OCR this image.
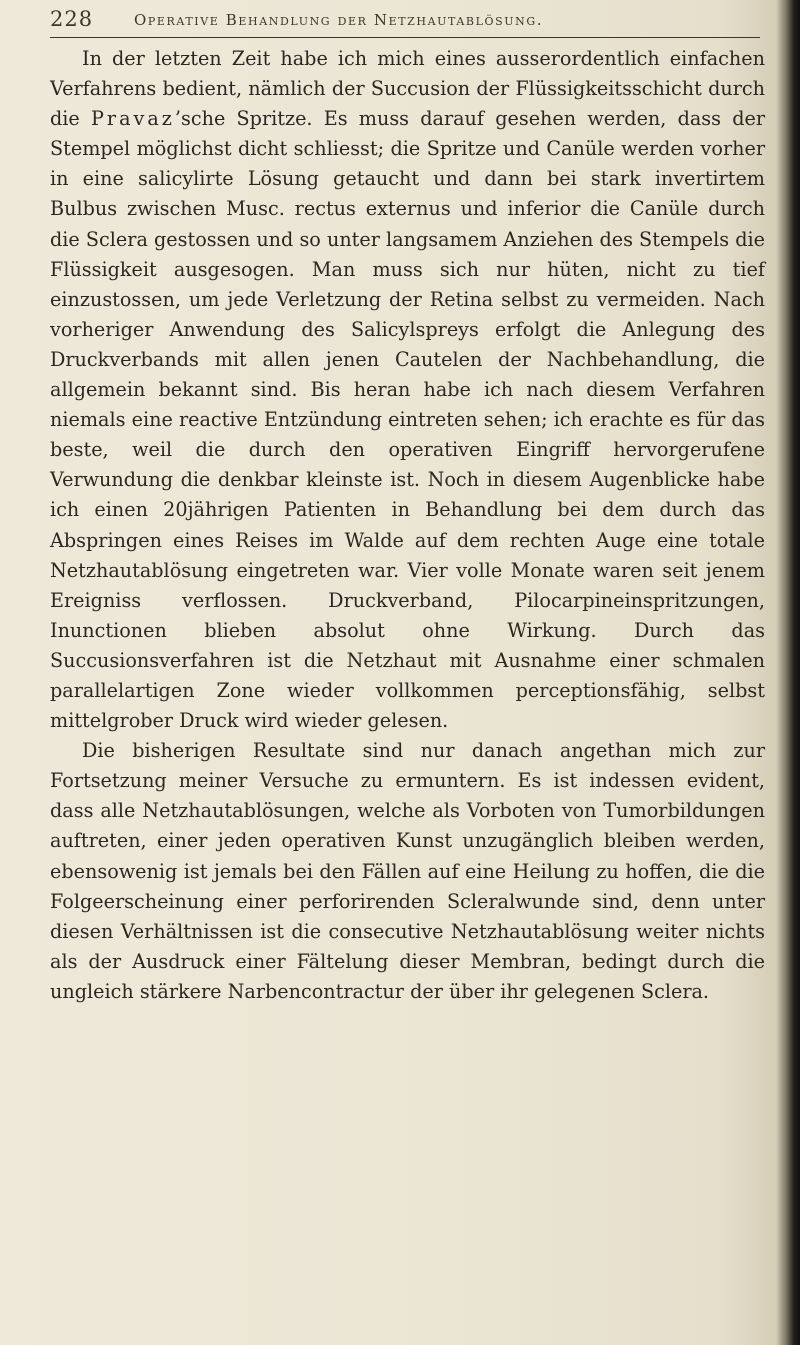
228	Operative Behandlung der Netzhautablösung.

In der letzten Zeit habe ich mich eines ausserordentlich einfachen Verfahrens bedient, nämlich der Succusion der Flüssigkeitsschicht durch die Pravaz’sche Spritze. Es muss darauf gesehen werden, dass der Stempel möglichst dicht schliesst; die Spritze und Canüle werden vorher in eine salicylirte Lösung getaucht und dann bei stark invertirtem Bulbus zwischen Musc. rectus externus und inferior die Canüle durch die Sclera gestossen und so unter langsamem Anziehen des Stempels die Flüssigkeit ausgesogen. Man muss sich nur hüten, nicht zu tief einzustossen, um jede Verletzung der Retina selbst zu vermeiden. Nach vorheriger Anwendung des Salicylspreys erfolgt die Anlegung des Druckverbands mit allen jenen Cautelen der Nachbehandlung, die allgemein bekannt sind. Bis heran habe ich nach diesem Verfahren niemals eine reactive Entzündung eintreten sehen; ich erachte es für das beste, weil die durch den operativen Eingriff hervorgerufene Verwundung die denkbar kleinste ist. Noch in diesem Augenblicke habe ich einen 20jährigen Patienten in Behandlung bei dem durch das Abspringen eines Reises im Walde auf dem rechten Auge eine totale Netzhautablösung eingetreten war. Vier volle Monate waren seit jenem Ereigniss verflossen. Druckverband, Pilocarpineinspritzungen, Inunctionen blieben absolut ohne Wirkung. Durch das Succusionsverfahren ist die Netzhaut mit Ausnahme einer schmalen parallelartigen Zone wieder vollkommen perceptionsfähig, selbst mittelgrober Druck wird wieder gelesen.

Die bisherigen Resultate sind nur danach angethan mich zur Fortsetzung meiner Versuche zu ermuntern. Es ist indessen evident, dass alle Netzhautablösungen, welche als Vorboten von Tumorbildungen auftreten, einer jeden operativen Kunst unzugänglich bleiben werden, ebensowenig ist jemals bei den Fällen auf eine Heilung zu hoffen, die die Folgeerscheinung einer perforirenden Scleralwunde sind, denn unter diesen Verhältnissen ist die consecutive Netzhautablösung weiter nichts als der Ausdruck einer Fältelung dieser Membran, bedingt durch die ungleich stärkere Narbencontractur der über ihr gelegenen Sclera.
